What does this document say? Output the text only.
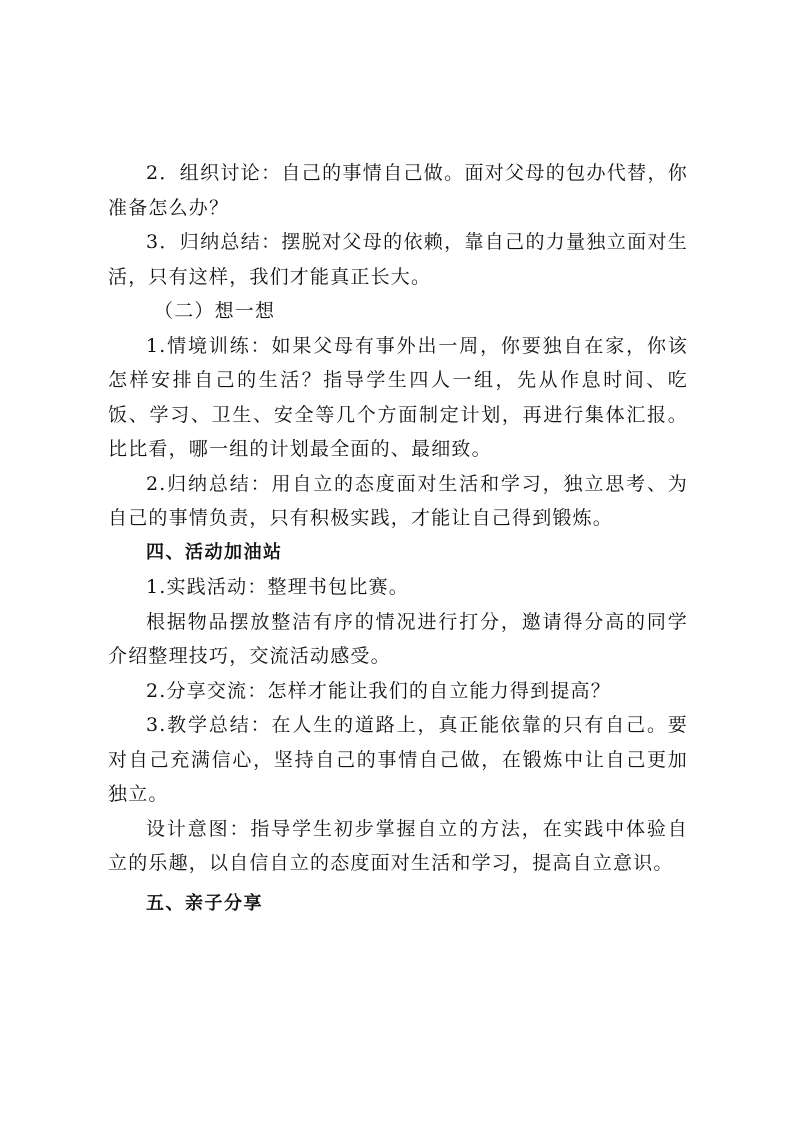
2．组织讨论：自己的事情自己做。面对父母的包办代替，你准备怎么办？

3．归纳总结：摆脱对父母的依赖，靠自己的力量独立面对生活，只有这样，我们才能真正长大。

（二）想一想

1.情境训练：如果父母有事外出一周，你要独自在家，你该怎样安排自己的生活？指导学生四人一组，先从作息时间、吃饭、学习、卫生、安全等几个方面制定计划，再进行集体汇报。比比看，哪一组的计划最全面的、最细致。

2.归纳总结：用自立的态度面对生活和学习，独立思考、为自己的事情负责，只有积极实践，才能让自己得到锻炼。

四、活动加油站

1.实践活动：整理书包比赛。

根据物品摆放整洁有序的情况进行打分，邀请得分高的同学介绍整理技巧，交流活动感受。

2.分享交流：怎样才能让我们的自立能力得到提高？

3.教学总结：在人生的道路上，真正能依靠的只有自己。要对自己充满信心，坚持自己的事情自己做，在锻炼中让自己更加独立。

设计意图：指导学生初步掌握自立的方法，在实践中体验自立的乐趣，以自信自立的态度面对生活和学习，提高自立意识。

五、亲子分享
